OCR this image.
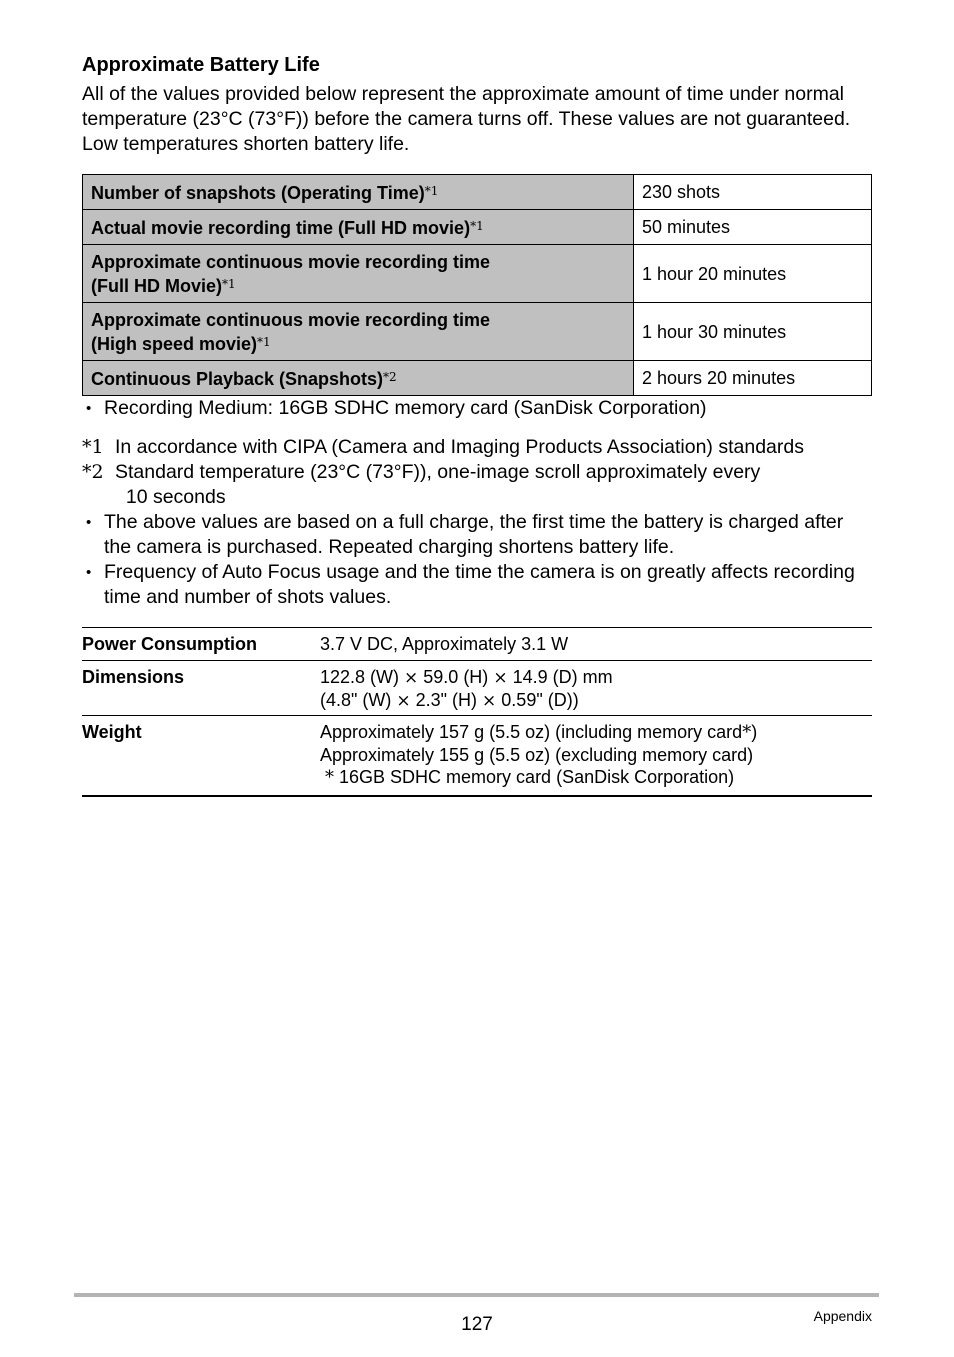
Approximate Battery Life

All of the values provided below represent the approximate amount of time under normal temperature (23°C (73°F)) before the camera turns off. These values are not guaranteed. Low temperatures shorten battery life.

Number of snapshots (Operating Time)$^{*1}$	230 shots
Actual movie recording time (Full HD movie)$^{*1}$	50 minutes
Approximate continuous movie recording time
(Full HD Movie)$^{*1}$	1 hour 20 minutes
Approximate continuous movie recording time
(High speed movie)$^{*1}$	1 hour 30 minutes
Continuous Playback (Snapshots)$^{*2}$	2 hours 20 minutes
• Recording Medium: 16GB SDHC memory card (SanDisk Corporation)
*1 In accordance with CIPA (Camera and Imaging Products Association) standards
*2 Standard temperature (23°C (73°F)), one-image scroll approximately every
10 seconds
• The above values are based on a full charge, the first time the battery is charged after the camera is purchased. Repeated charging shortens battery life.
• Frequency of Auto Focus usage and the time the camera is on greatly affects recording time and number of shots values.
Power Consumption	3.7 V DC, Approximately 3.1 W
Dimensions	122.8 (W) × 59.0 (H) × 14.9 (D) mm
(4.8" (W) × 2.3" (H) × 0.59" (D))
Weight	Approximately 157 g (5.5 oz) (including memory card*)
Approximately 155 g (5.5 oz) (excluding memory card)
* 16GB SDHC memory card (SanDisk Corporation)
127	Appendix
